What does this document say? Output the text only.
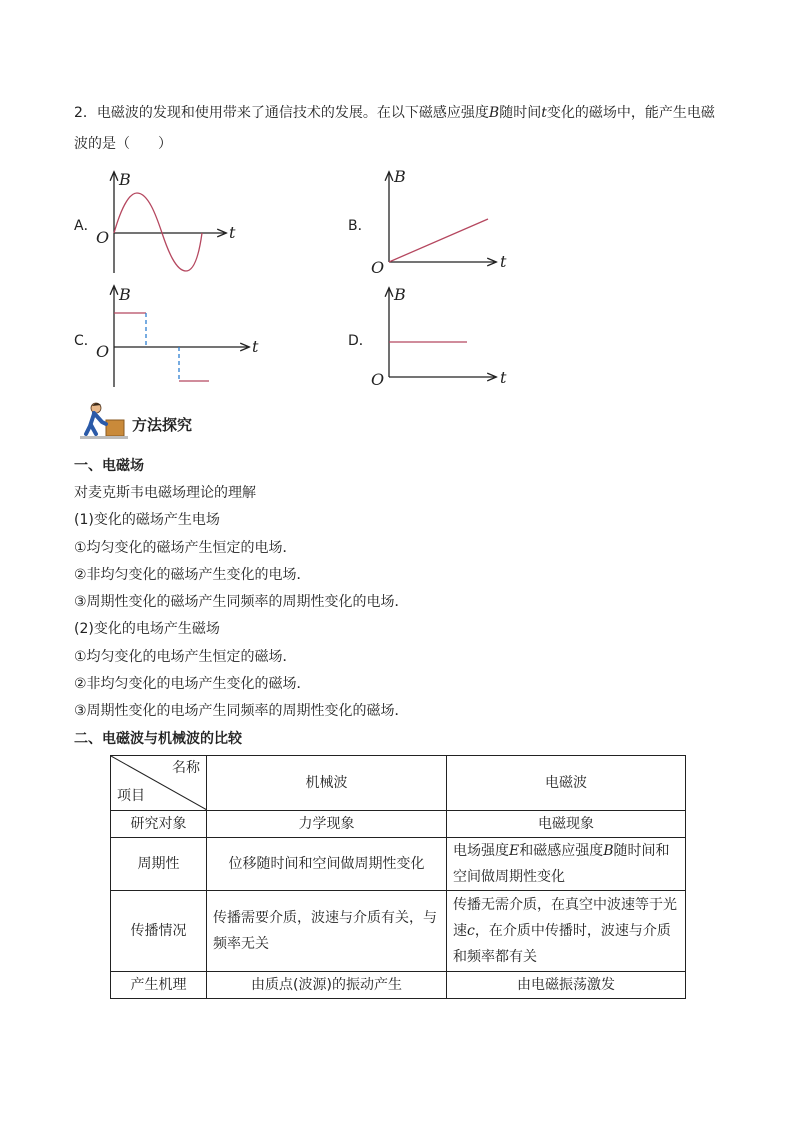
2．电磁波的发现和使用带来了通信技术的发展。在以下磁感应强度B随时间t变化的磁场中，能产生电磁
波的是（　　）
A．
B
t
O
B．
B
t
O
C．
B
t
O
D．
B
t
O
方法探究
一、电磁场
对麦克斯韦电磁场理论的理解
(1)变化的磁场产生电场
①均匀变化的磁场产生恒定的电场．
②非均匀变化的磁场产生变化的电场．
③周期性变化的磁场产生同频率的周期性变化的电场．
(2)变化的电场产生磁场
①均匀变化的电场产生恒定的磁场．
②非均匀变化的电场产生变化的磁场．
③周期性变化的电场产生同频率的周期性变化的磁场．
二、电磁波与机械波的比较
名称
项目	机械波	电磁波
研究对象	力学现象	电磁现象
周期性	位移随时间和空间做周期性变化	电场强度E和磁感应强度B随时间和
空间做周期性变化
传播情况	传播需要介质，波速与介质有关，与
频率无关	传播无需介质，在真空中波速等于光
速c，在介质中传播时，波速与介质
和频率都有关
产生机理	由质点(波源)的振动产生	由电磁振荡激发
